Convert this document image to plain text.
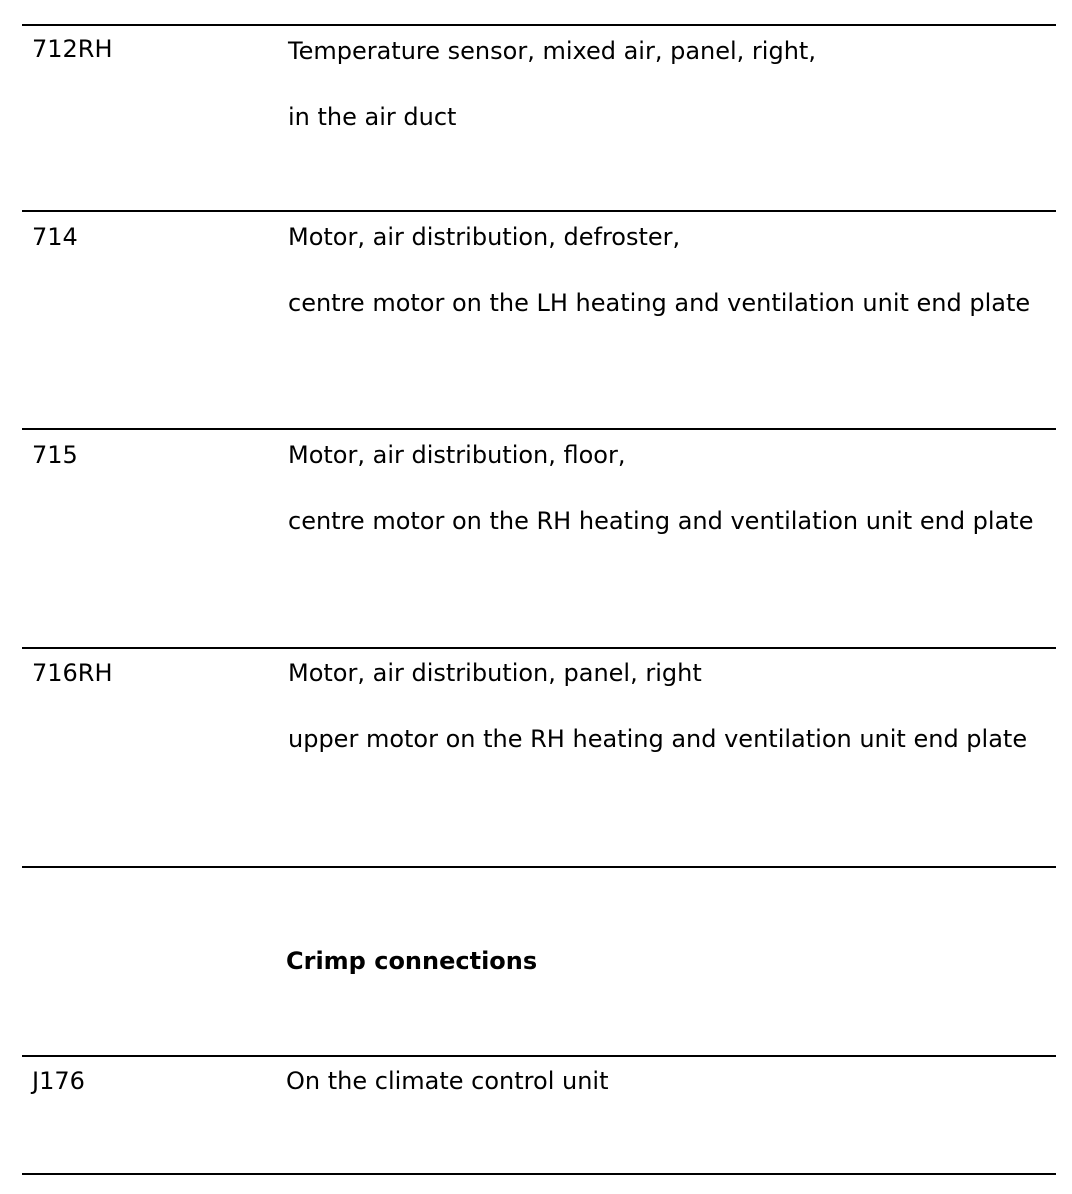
712RH	Temperature sensor, mixed air, panel, right,

in the air duct

714	Motor, air distribution, defroster,

centre motor on the LH heating and ventilation unit end plate

715	Motor, air distribution, floor,

centre motor on the RH heating and ventilation unit end plate

716RH	Motor, air distribution, panel, right

upper motor on the RH heating and ventilation unit end plate

Crimp connections
J176	On the climate control unit
